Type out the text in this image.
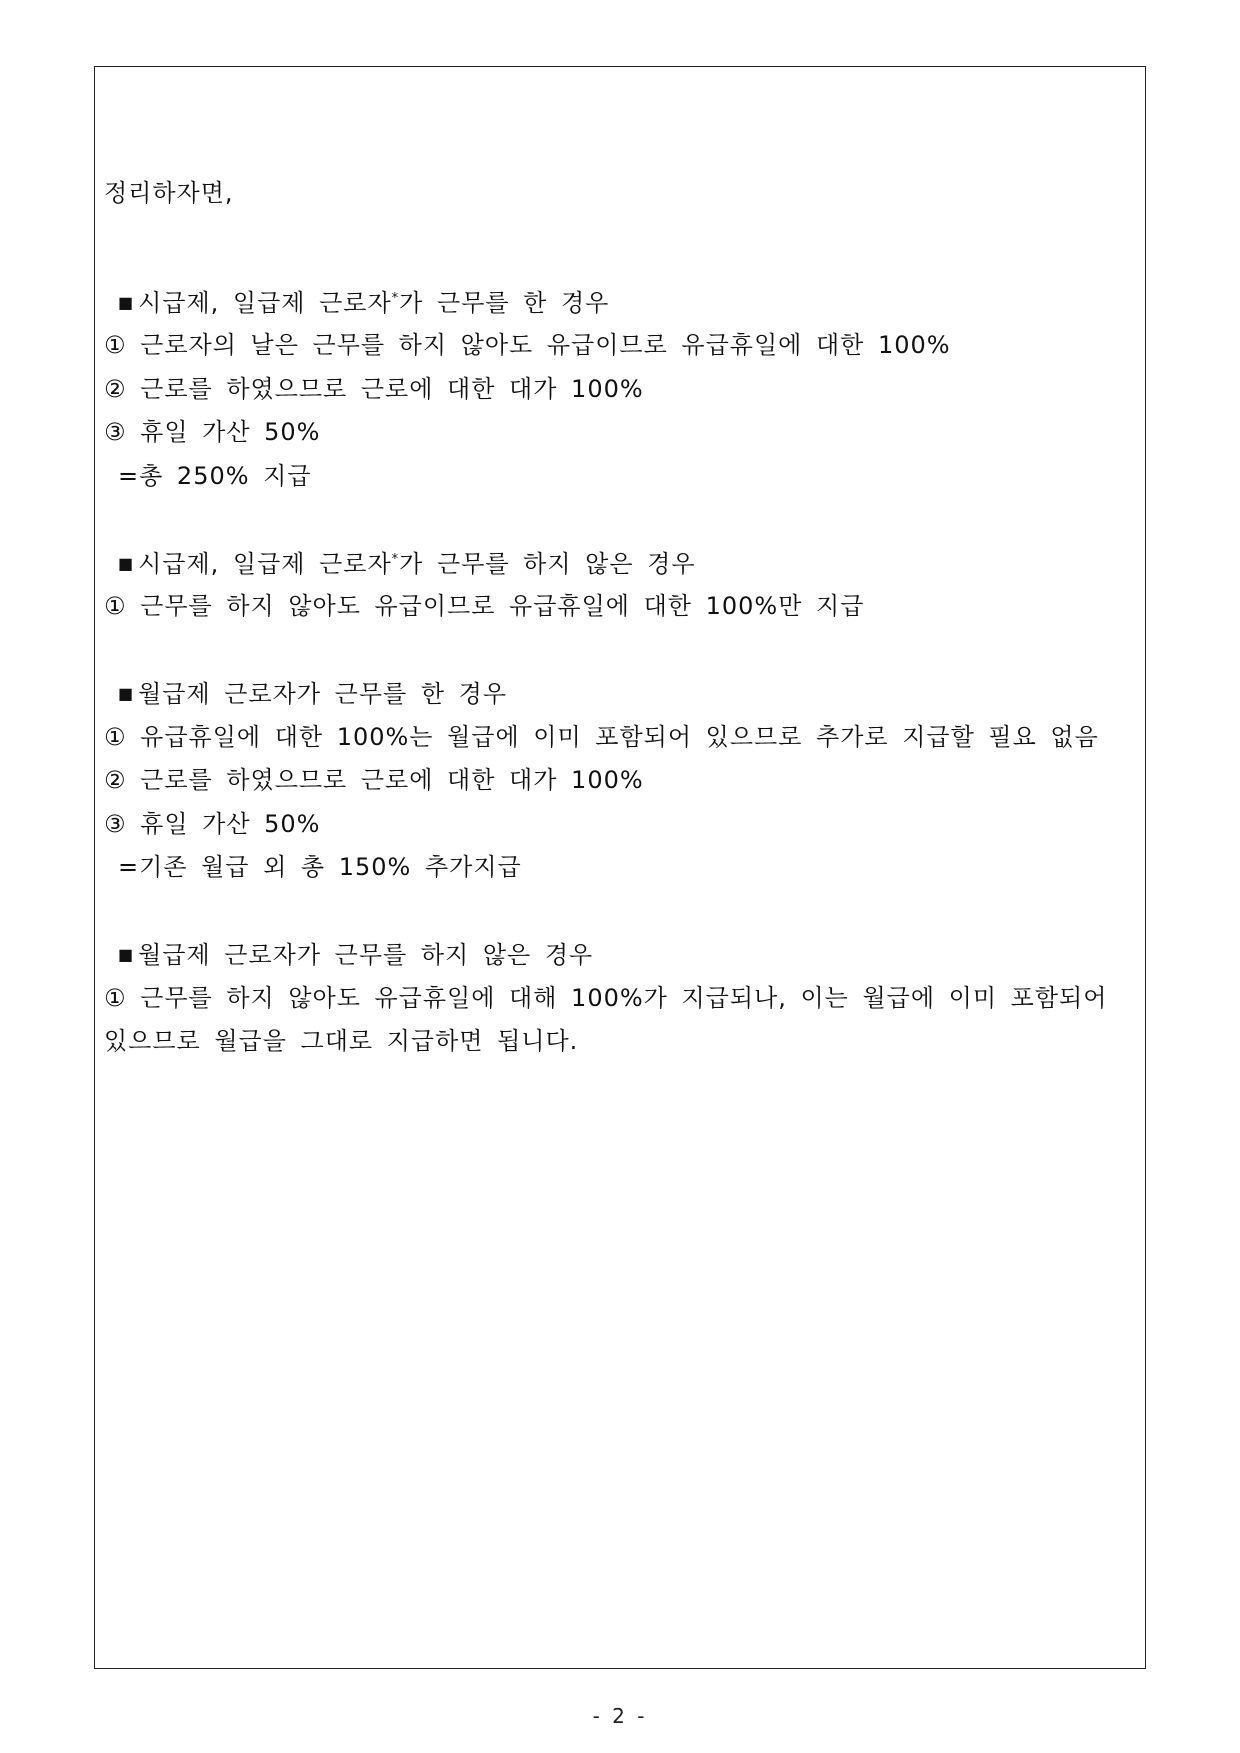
정리하자면,
■ 시급제, 일급제 근로자*가 근무를 한 경우
① 근로자의 날은 근무를 하지 않아도 유급이므로 유급휴일에 대한 100%
② 근로를 하였으므로 근로에 대한 대가 100%
③ 휴일 가산 50%
=총 250% 지급
■ 시급제, 일급제 근로자*가 근무를 하지 않은 경우
① 근무를 하지 않아도 유급이므로 유급휴일에 대한 100%만 지급
■ 월급제 근로자가 근무를 한 경우
① 유급휴일에 대한 100%는 월급에 이미 포함되어 있으므로 추가로 지급할 필요 없음
② 근로를 하였으므로 근로에 대한 대가 100%
③ 휴일 가산 50%
=기존 월급 외 총 150% 추가지급
■ 월급제 근로자가 근무를 하지 않은 경우
① 근무를 하지 않아도 유급휴일에 대해 100%가 지급되나, 이는 월급에 이미 포함되어 있으므로 월급을 그대로 지급하면 됩니다.
- 2 -
